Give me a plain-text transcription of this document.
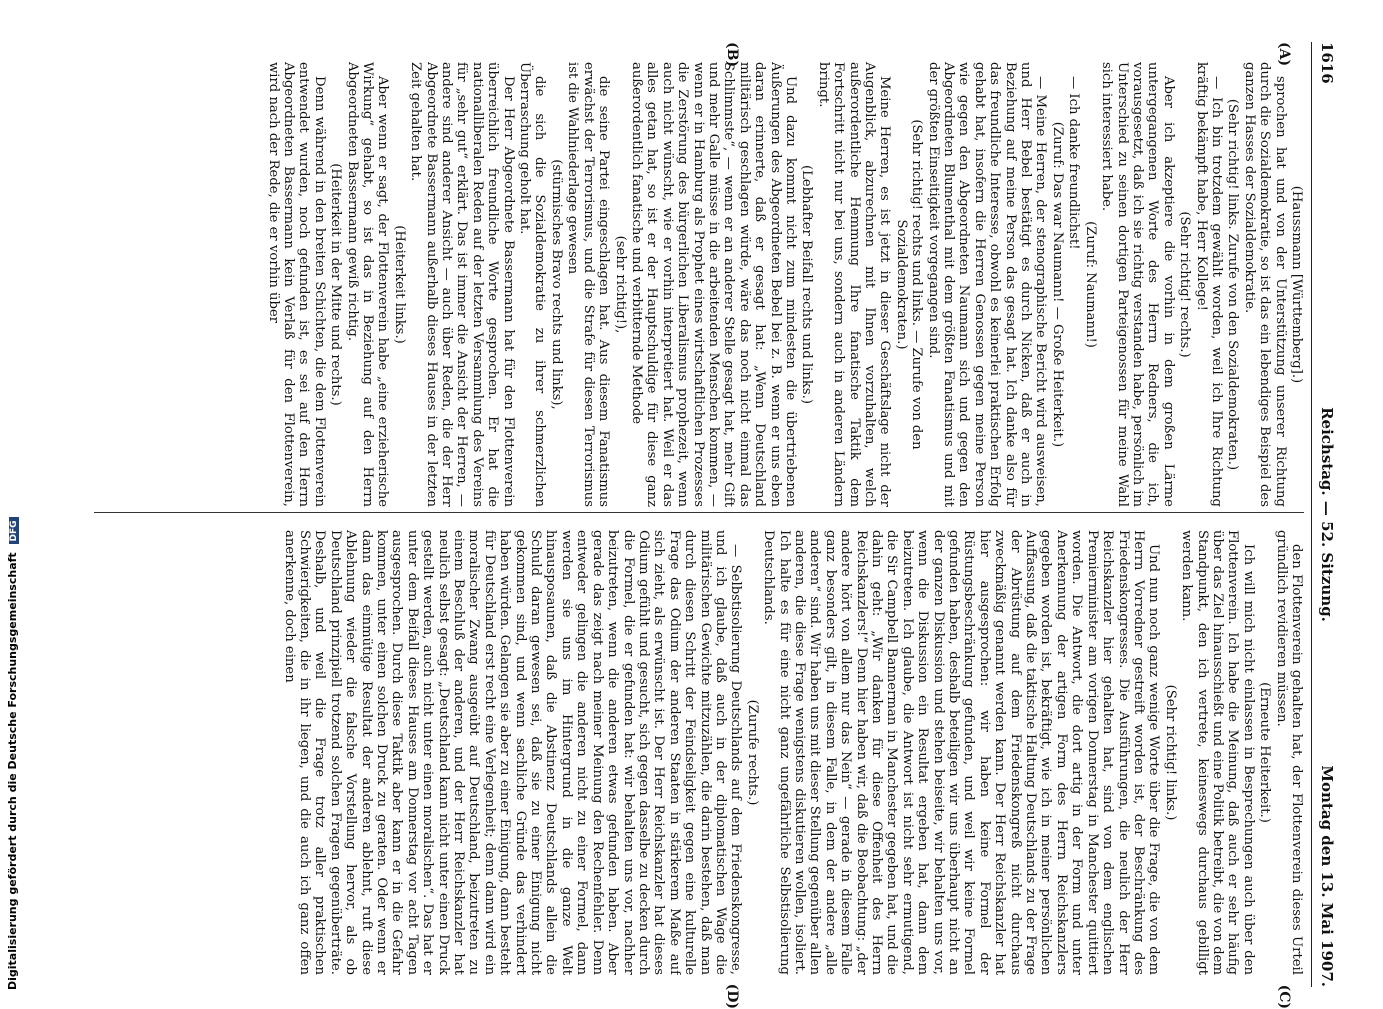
1616
Reichstag. — 52. Sitzung.
Montag den 13. Mai 1907.
(A)
(B)
(C)
(D)

(Haussmann [Württemberg].)

sprochen hat und von der Unterstützung unserer Richtung durch die Sozialdemokratie, so ist das ein lebendiges Beispiel des ganzen Hasses der Sozialdemokratie.

(Sehr richtig! links. Zurufe von den Sozialdemokraten.)

— Ich bin trotzdem gewählt worden, weil ich Ihre Richtung kräftig bekämpft habe, Herr Kollege!

(Sehr richtig! rechts.)

Aber ich akzeptiere die vorhin in dem großen Lärme untergegangenen Worte des Herrn Redners, die ich, vorausgesetzt, daß ich sie richtig verstanden habe, persönlich im Unterschied zu seinen dortigen Parteigenossen für meine Wahl sich interessiert habe.

(Zuruf: Naumann!)

— Ich danke freundlichst!

(Zuruf: Das war Naumann! — Große Heiterkeit.)

— Meine Herren, der stenographische Bericht wird ausweisen, und Herr Bebel bestätigt es durch Nicken, daß er auch in Beziehung auf meine Person das gesagt hat. Ich danke also für das freundliche Interesse, obwohl es keinerlei praktischen Erfolg gehabt hat, insofern die Herren Genossen gegen meine Person wie gegen den Abgeordneten Naumann sich und gegen den Abgeordneten Blumenthal mit dem größten Fanatismus und mit der größten Einseitigkeit vorgegangen sind.

(Sehr richtig! rechts und links. — Zurufe von den Sozialdemokraten.)

Meine Herren, es ist jetzt in dieser Geschäftslage nicht der Augenblick, abzurechnen mit Ihnen vorzuhalten, welch außerordentliche Hemmung Ihre fanatische Taktik dem Fortschritt nicht nur bei uns, sondern auch in anderen Ländern bringt.

(Lebhafter Beifall rechts und links.)

Und dazu kommt nicht zum mindesten die übertriebenen Äußerungen des Abgeordneten Bebel bei z. B. wenn er uns eben daran erinnerte, daß er gesagt hat: „Wenn Deutschland militärisch geschlagen würde, wäre das noch nicht einmal das Schlimmste“, — wenn er an anderer Stelle gesagt hat, mehr Gift und mehr Galle müsse in die arbeitenden Menschen kommen, — wenn er in Hamburg als Prophet eines wirtschaftlichen Prozesses die Zerstörung des bürgerlichen Liberalismus prophezeit, wenn auch nicht wünscht, wie er vorhin interpretiert hat. Weil er das alles getan hat, so ist er der Hauptschuldige für diese ganz außerordentlich fanatische und verbitternde Methode

(sehr richtig!),

die seine Partei eingeschlagen hat. Aus diesem Fanatismus erwächst der Terrorismus, und die Strafe für diesen Terrorismus ist die Wahlniederlage gewesen

(stürmisches Bravo rechts und links),

die sich die Sozialdemokratie zu ihrer schmerzlichen Überraschung geholt hat.

Der Herr Abgeordnete Bassermann hat für den Flottenverein überreichlich freundliche Worte gesprochen. Er hat die nationalliberalen Reden auf der letzten Versammlung des Vereins für „sehr gut“ erklärt. Das ist immer die Ansicht der Herren, — andere sind anderer Ansicht — auch über Reden, die der Herr Abgeordnete Bassermann außerhalb dieses Hauses in der letzten Zeit gehalten hat.

(Heiterkeit links.)

Aber wenn er sagt, der Flottenverein habe „eine erzieherische Wirkung“ gehabt, so ist das in Beziehung auf den Herrn Abgeordneten Bassermann gewiß richtig.

(Heiterkeit in der Mitte und rechts.)

Denn während in den breiten Schichten, die dem Flottenverein entwendet wurden, noch gefunden ist, es sei auf den Herrn Abgeordneten Bassermann kein Verlaß für den Flottenverein, wird nach der Rede, die er vorhin über

den Flottenverein gehalten hat, der Flottenverein dieses Urteil gründlich revidieren müssen.

(Erneute Heiterkeit.)

Ich will mich nicht einlassen in Besprechungen auch über den Flottenverein. Ich habe die Meinung, daß auch er sehr häufig über das Ziel hinausschießt und eine Politik betreibt, die von dem Standpunkt, den ich vertrete, keineswegs durchaus gebilligt werden kann.

(Sehr richtig! links.)

Und nun noch ganz wenige Worte über die Frage, die von dem Herrn Vorredner gestreift worden ist, der Beschränkung des Friedenskongresses. Die Ausführungen, die neulich der Herr Reichskanzler hier gehalten hat, sind von dem englischen Premierminister am vorigen Donnerstag in Manchester quittiert worden. Die Antwort, die dort artig in der Form und unter Anerkennung der artigen Form des Herrn Reichskanzlers gegeben worden ist, bekräftigt, wie ich in meiner persönlichen Auffassung, daß die taktische Haltung Deutschlands zu der Frage der Abrüstung auf dem Friedenskongreß nicht durchaus zweckmäßig genannt werden kann. Der Herr Reichskanzler hat hier ausgesprochen: wir haben keine Formel der Rüstungsbeschränkung gefunden, und weil wir keine Formel gefunden haben, deshalb beteiligen wir uns überhaupt nicht an der ganzen Diskussion und stehen beiseite, wir behalten uns vor, wenn die Diskussion ein Resultat ergeben hat, dann dem beizutreten. Ich glaube, die Antwort ist nicht sehr ermutigend, die Sir Campbell Bannerman in Manchester gegeben hat, und die dahin geht: „Wir danken für diese Offenheit des Herrn Reichskanzlers!“ Denn hier haben wir, daß die Beobachtung: „der andere hört von allem nur das Nein“ — gerade in diesem Falle ganz besonders gilt, in diesem Falle, in dem der andere „alle anderen“ sind. Wir haben uns mit dieser Stellung gegenüber allen anderen, die diese Frage wenigstens diskutieren wollen, isoliert. Ich halte es für eine nicht ganz ungefährliche Selbstisolierung Deutschlands.

(Zurufe rechts.)

— Selbstisolierung Deutschlands auf dem Friedenskongresse, und ich glaube, daß auch in der diplomatischen Wage die militärischen Gewichte mitzuzählen, die darin bestehen, daß man durch diesen Schritt der Feindseligkeit gegen eine kulturelle Frage das Odium der anderen Staaten in stärkerem Maße auf sich zieht, als erwünscht ist. Der Herr Reichskanzler hat dieses Odium gefühlt und gesucht, sich gegen dasselbe zu decken durch die Formel, die er gefunden hat: wir behalten uns vor, nachher beizutreten, wenn die anderen etwas gefunden haben. Aber gerade das zeigt nach meiner Meinung den Rechenfehler. Denn entweder gelingen die anderen nicht zu einer Formel, dann werden sie uns im Hintergrund in die ganze Welt hinausposaunen, daß die Abstinenz Deutschlands allein die Schuld daran gewesen sei, daß sie zu einer Einigung nicht gekommen sind, und wenn sachliche Gründe das verhindert haben würden. Gelangen sie aber zu einer Einigung, dann besteht für Deutschland erst recht eine Verlegenheit; denn dann wird ein moralischer Zwang ausgeübt auf Deutschland, beizutreten zu einem Beschluß der anderen, und der Herr Reichskanzler hat neulich selbst gesagt: „Deutschland kann nicht unter einen Druck gestellt werden, auch nicht unter einen moralischen“. Das hat er unter dem Beifall dieses Hauses am Donnerstag vor acht Tagen ausgesprochen. Durch diese Taktik aber kann er in die Gefahr kommen, unter einen solchen Druck zu geraten. Oder wenn er dann das einmütige Resultat der anderen ablehnt, ruft diese Ablehnung wieder die falsche Vorstellung hervor, als ob Deutschland prinzipiell trotzend solchen Fragen gegenüberträte. Deshalb, und weil die Frage trotz aller praktischen Schwierigkeiten, die in ihr liegen, und die auch ich ganz offen anerkenne, doch einen

Digitalisierung gefördert durch die Deutsche Forschungsgemeinschaft DFG
